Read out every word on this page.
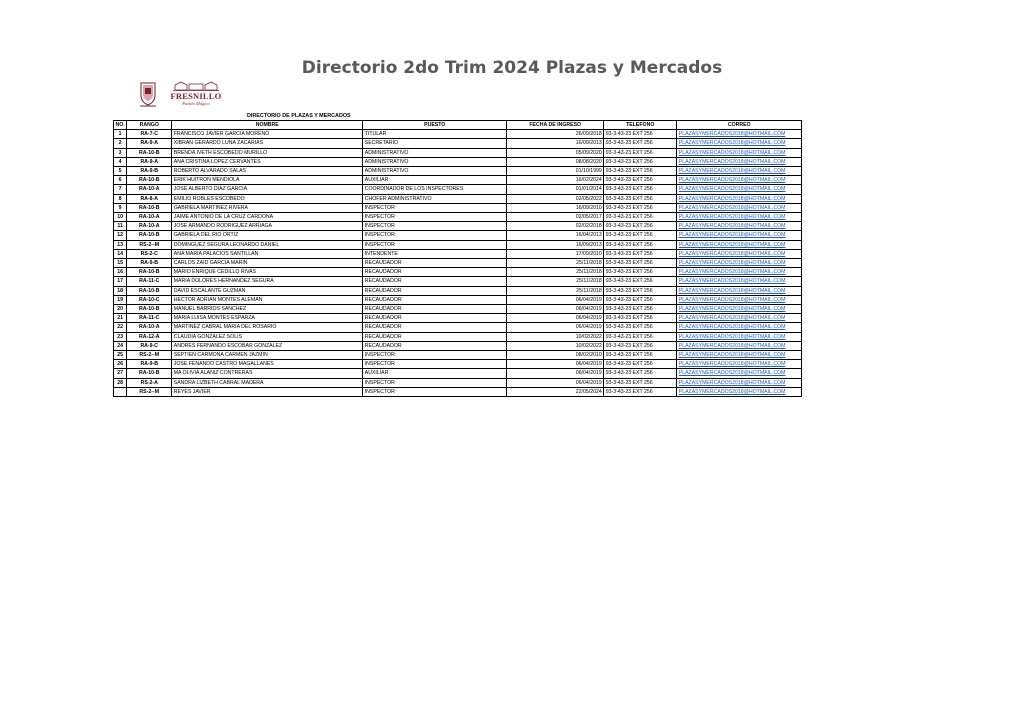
Directorio 2do Trim 2024 Plazas y Mercados
FRESNILLO
Pueblo Mágico
DIRECTORIO DE PLAZAS Y MERCADOS
NO.	RANGO	NOMBRE	PUESTO	FECHA DE INGRESO	TELEFONO	CORREO
1	RA-7-C	FRANCISCO JAVIER GARCIA MORENO	TITULAR	26/09/2018	93-3-43-23 EXT 256	PLAZASYMERCADOS2018@HOTMAIL.COM
2	RA-9-A	XIBRAN GERARDO LUNA ZACARIAS	SECRETARIO	16/09/2013	93-3-43-23 EXT 256	PLAZASYMERCADOS2018@HOTMAIL.COM
3	RA-10-B	BRENDA IVETH ESCOBEDO MURILLO	ADMINISTRATIVO	05/09/2020	93-3-43-23 EXT 256	PLAZASYMERCADOS2018@HOTMAIL.COM
4	RA-9-A	ANA CRISTINA LOPEZ CERVANTES	ADMINISTRATIVO	08/08/2020	93-3-43-23 EXT 256	PLAZASYMERCADOS2018@HOTMAIL.COM
5	RA-9-B	ROBERTO ALVARADO SALAS	ADMINISTRATIVO	01/10/1999	93-3-43-23 EXT 256	PLAZASYMERCADOS2018@HOTMAIL.COM
6	RA-10-B	ERIK HUITRON MENDIOLA	AUXILIAR	16/02/2024	93-3-43-23 EXT 256	PLAZASYMERCADOS2018@HOTMAIL.COM
7	RA-10-A	JOSE ALBERTO DIAZ GARCIA	COORDINADOR DE LOS INSPECTORES	01/01/2014	93-3-43-23 EXT 256	PLAZASYMERCADOS2018@HOTMAIL.COM
8	RA-8-A	EMILIO ROBLES ESCOBEDO	CHOFER ADMINISTRATIVO	02/05/2022	93-3-43-23 EXT 256	PLAZASYMERCADOS2018@HOTMAIL.COM
9	RA-10-B	GABRIELA MARTINEZ RIVERA	INSPECTOR	16/09/2010	93-3-43-23 EXT 256	PLAZASYMERCADOS2018@HOTMAIL.COM
10	RA-10-A	JAIME ANTONIO DE LA CRUZ CARDONA	INSPECTOR	02/05/2017	93-3-43-23 EXT 256	PLAZASYMERCADOS2018@HOTMAIL.COM
11	RA-10-A	JOSE ARMANDO RODRIGUEZ ARRIAGA	INSPECTOR	02/02/2018	93-3-43-23 EXT 256	PLAZASYMERCADOS2018@HOTMAIL.COM
12	RA-10-B	GABRIELA DEL RIO ORTIZ	INSPECTOR	16/04/2013	93-3-43-23 EXT 256	PLAZASYMERCADOS2018@HOTMAIL.COM
13	RS-2--M	DOMINGUEZ SEGURA LEONARDO DANIEL	INSPECTOR	16/09/2013	93-3-43-23 EXT 256	PLAZASYMERCADOS2018@HOTMAIL.COM
14	RS-2-C	ANA MARIA PALACIOS SANTILLAN	INTENDENTE	17/09/2010	93-3-43-23 EXT 256	PLAZASYMERCADOS2018@HOTMAIL.COM
15	RA-9-B	CARLOS ZAID GARCIA MARIN	RECAUDADOR	25/11/2018	93-3-43-23 EXT 256	PLAZASYMERCADOS2018@HOTMAIL.COM
16	RA-10-B	MARIO ENRIQUE CEDILLO RIVAS	RECAUDADOR	25/11/2018	93-3-43-23 EXT 256	PLAZASYMERCADOS2018@HOTMAIL.COM
17	RA-11-C	MARIA DOLORES HERNANDEZ SEGURA	RECAUDADOR	25/11/2018	93-3-43-23 EXT 256	PLAZASYMERCADOS2018@HOTMAIL.COM
18	RA-10-B	DAVID ESCALANTE GUZMAN	RECAUDADOR	25/11/2018	93-3-43-23 EXT 256	PLAZASYMERCADOS2018@HOTMAIL.COM
19	RA-10-C	HECTOR ADRIAN MONTES ALEMAN	RECAUDADOR	06/04/2019	93-3-43-23 EXT 256	PLAZASYMERCADOS2018@HOTMAIL.COM
20	RA-10-B	MANUEL BARRIOS SANCHEZ	RECAUDADOR	06/04/2019	93-3-43-23 EXT 256	PLAZASYMERCADOS2018@HOTMAIL.COM
21	RA-11-C	MARIA LUISA MONTES ESPARZA	RECAUDADOR	06/04/2019	93-3-43-23 EXT 256	PLAZASYMERCADOS2018@HOTMAIL.COM
22	RA-10-A	MARTINEZ CABRAL MARIA DEL ROSARIO	RECAUDADOR	06/04/2019	93-3-43-23 EXT 256	PLAZASYMERCADOS2018@HOTMAIL.COM
23	RA-12-A	CLAUDIA GONZALEZ SOLIS	RECAUDADOR	10/02/2022	93-3-43-23 EXT 256	PLAZASYMERCADOS2018@HOTMAIL.COM
24	RA-9-C	ANDRES FERNANDO ESCOBAR GONZALEZ	RECAUDADOR	10/02/2022	93-3-43-23 EXT 256	PLAZASYMERCADOS2018@HOTMAIL.COM
25	RS-2--M	SEPTIEN CARMONA CARMEN JAZMIN	INSPECTOR	08/02/2010	93-3-43-23 EXT 256	PLAZASYMERCADOS2018@HOTMAIL.COM
26	RA-9-B	JOSE FENANDO CASTRO MAGALLANES	INSPECTOR	06/04/2019	93-3-43-23 EXT 256	PLAZASYMERCADOS2018@HOTMAIL.COM
27	RA-10-B	MA OLIVIA ALANIZ CONTRERAS	AUXILIAR	06/04/2019	93-3-43-23 EXT 256	PLAZASYMERCADOS2018@HOTMAIL.COM
28	RS-2-A	SANDRA LIZBETH CABRAL MADERA	INSPECTOR	06/04/2019	93-3-43-23 EXT 256	PLAZASYMERCADOS2018@HOTMAIL.COM
	RS-2--M	REYES JAVIER	INSPECTOR	22/05/2024	93-3-43-23 EXT 256	PLAZASYMERCADOS2018@HOTMAIL.COM
